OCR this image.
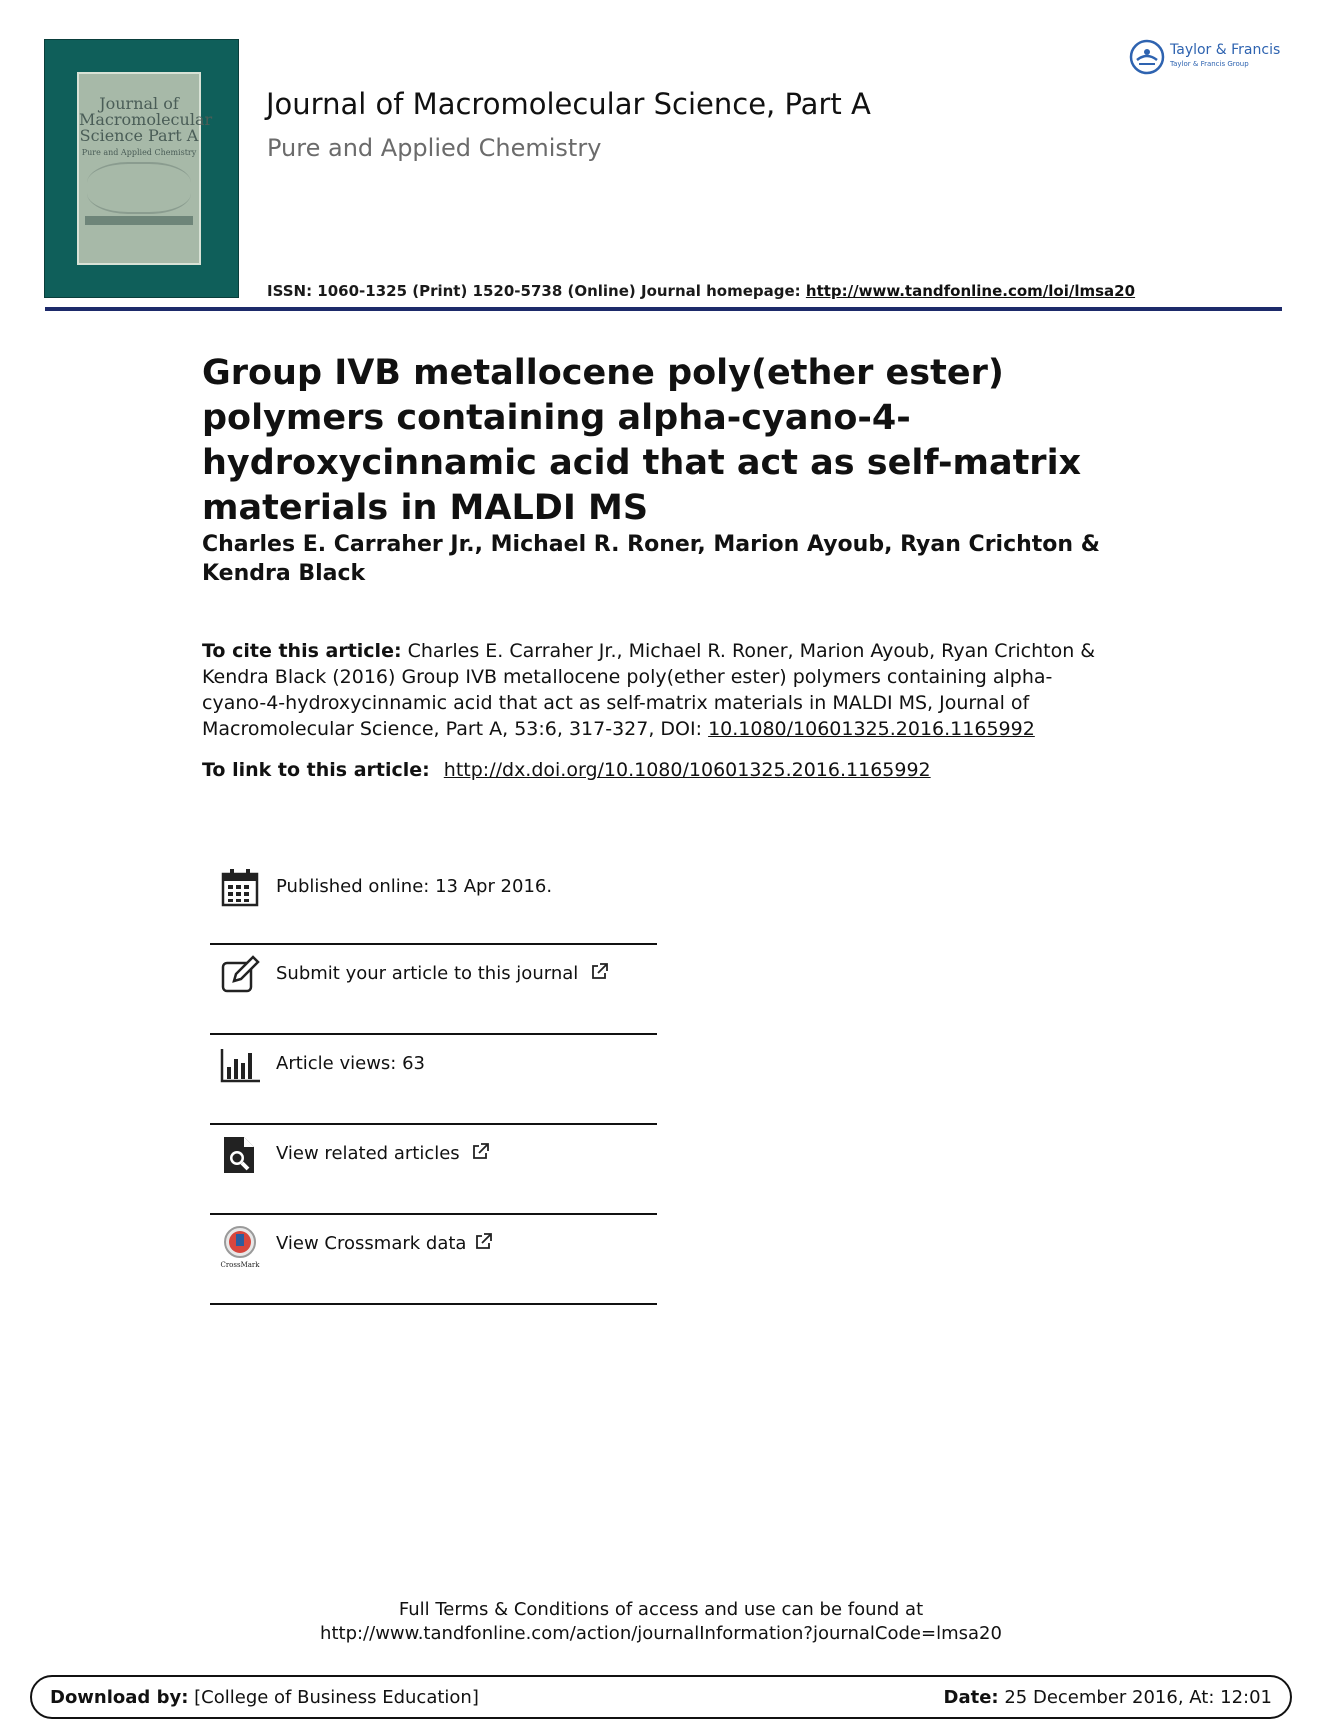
Journal of Macromolecular Science Part A
Pure and Applied Chemistry
Journal of Macromolecular Science, Part A
Pure and Applied Chemistry
Taylor & Francis
Taylor & Francis Group
ISSN: 1060-1325 (Print) 1520-5738 (Online) Journal homepage: http://www.tandfonline.com/loi/lmsa20
Group IVB metallocene poly(ether ester) polymers containing alpha-cyano-4-hydroxycinnamic acid that act as self-matrix materials in MALDI MS
Charles E. Carraher Jr., Michael R. Roner, Marion Ayoub, Ryan Crichton & Kendra Black
To cite this article: Charles E. Carraher Jr., Michael R. Roner, Marion Ayoub, Ryan Crichton & Kendra Black (2016) Group IVB metallocene poly(ether ester) polymers containing alpha-cyano-4-hydroxycinnamic acid that act as self-matrix materials in MALDI MS, Journal of Macromolecular Science, Part A, 53:6, 317-327, DOI: 10.1080/10601325.2016.1165992
To link to this article: http://dx.doi.org/10.1080/10601325.2016.1165992
Published online: 13 Apr 2016.
Submit your article to this journal
Article views: 63
View related articles
CrossMark
View Crossmark data
Full Terms & Conditions of access and use can be found at
http://www.tandfonline.com/action/journalInformation?journalCode=lmsa20
Download by: [College of Business Education]	Date: 25 December 2016, At: 12:01
